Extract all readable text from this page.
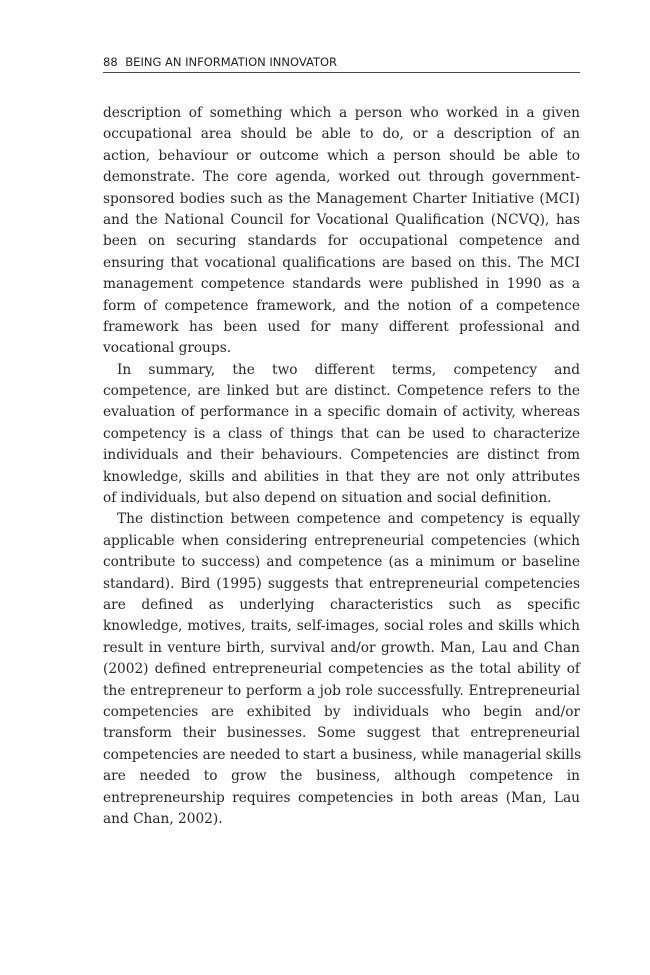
88 BEING AN INFORMATION INNOVATOR
description of something which a person who worked in a given
occupational area should be able to do, or a description of an
action, behaviour or outcome which a person should be able to
demonstrate. The core agenda, worked out through government-
sponsored bodies such as the Management Charter Initiative (MCI)
and the National Council for Vocational Qualification (NCVQ), has
been on securing standards for occupational competence and
ensuring that vocational qualifications are based on this. The MCI
management competence standards were published in 1990 as a
form of competence framework, and the notion of a competence
framework has been used for many different professional and
vocational groups.
In summary, the two different terms, competency and
competence, are linked but are distinct. Competence refers to the
evaluation of performance in a specific domain of activity, whereas
competency is a class of things that can be used to characterize
individuals and their behaviours. Competencies are distinct from
knowledge, skills and abilities in that they are not only attributes
of individuals, but also depend on situation and social definition.
The distinction between competence and competency is equally
applicable when considering entrepreneurial competencies (which
contribute to success) and competence (as a minimum or baseline
standard). Bird (1995) suggests that entrepreneurial competencies
are defined as underlying characteristics such as specific
knowledge, motives, traits, self-images, social roles and skills which
result in venture birth, survival and/or growth. Man, Lau and Chan
(2002) defined entrepreneurial competencies as the total ability of
the entrepreneur to perform a job role successfully. Entrepreneurial
competencies are exhibited by individuals who begin and/or
transform their businesses. Some suggest that entrepreneurial
competencies are needed to start a business, while managerial skills
are needed to grow the business, although competence in
entrepreneurship requires competencies in both areas (Man, Lau
and Chan, 2002).
